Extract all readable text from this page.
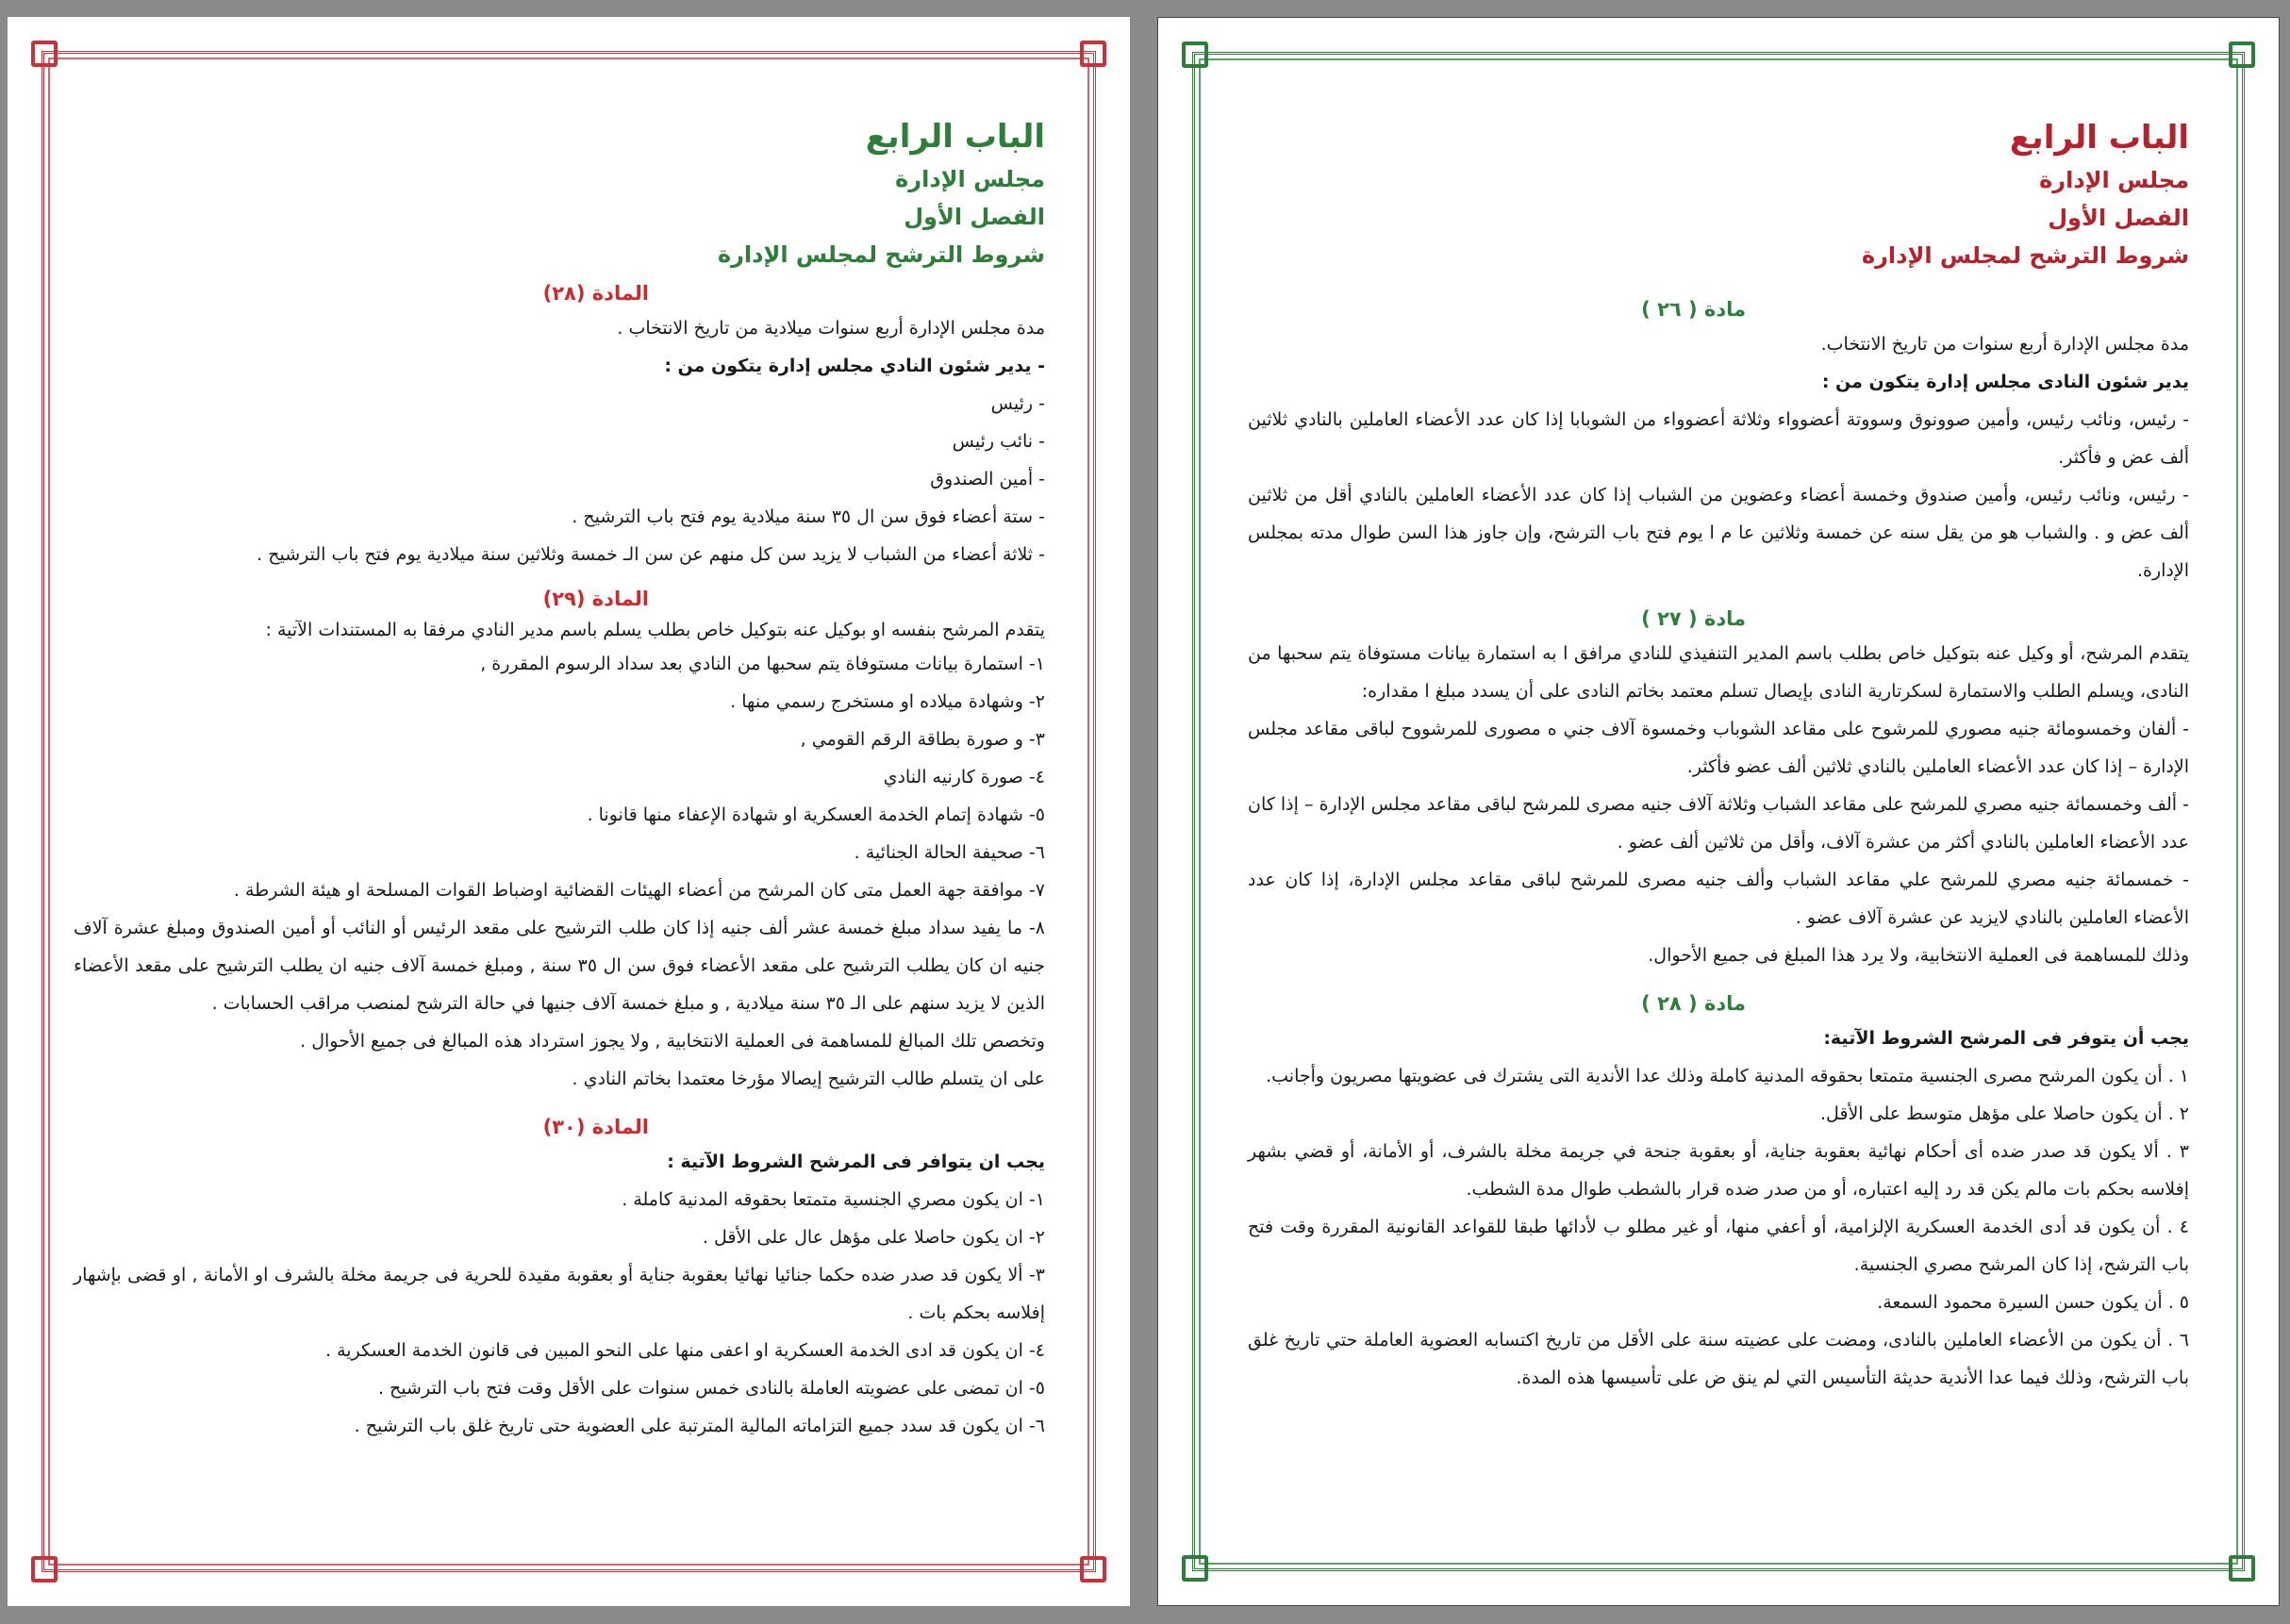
الباب الرابع
مجلس الإدارة
الفصل الأول
شروط الترشح لمجلس الإدارة
المادة (٢٨)

مدة مجلس الإدارة أربع سنوات ميلادية من تاريخ الانتخاب .

- يدير شئون النادي مجلس إدارة يتكون من :

- رئيس

- نائب رئيس

- أمين الصندوق

- ستة أعضاء فوق سن ال ٣٥ سنة ميلادية يوم فتح باب الترشيح .

- ثلاثة أعضاء من الشباب لا يزيد سن كل منهم عن سن الـ خمسة وثلاثين سنة ميلادية يوم فتح باب الترشيح .

المادة (٢٩)

يتقدم المرشح بنفسه او بوكيل عنه بتوكيل خاص بطلب يسلم باسم مدير النادي مرفقا به المستندات الآتية :

١- استمارة بيانات مستوفاة يتم سحبها من النادي بعد سداد الرسوم المقررة ,

٢- وشهادة ميلاده او مستخرج رسمي منها .

٣- و صورة بطاقة الرقم القومي ,

٤- صورة كارنيه النادي

٥- شهادة إتمام الخدمة العسكرية او شهادة الإعفاء منها قانونا .

٦- صحيفة الحالة الجنائية .

٧- موافقة جهة العمل متى كان المرشح من أعضاء الهيئات القضائية اوضباط القوات المسلحة او هيئة الشرطة .

٨- ما يفيد سداد مبلغ خمسة عشر ألف جنيه إذا كان طلب الترشيح على مقعد الرئيس أو النائب أو أمين الصندوق ومبلغ عشرة آلاف جنيه ان كان يطلب الترشيح على مقعد الأعضاء فوق سن ال ٣٥ سنة , ومبلغ خمسة آلاف جنيه ان يطلب الترشيح على مقعد الأعضاء الذين لا يزيد سنهم على الـ ٣٥ سنة ميلادية , و مبلغ خمسة آلاف جنيها في حالة الترشح لمنصب مراقب الحسابات .

وتخصص تلك المبالغ للمساهمة فى العملية الانتخابية , ولا يجوز استرداد هذه المبالغ فى جميع الأحوال .

على ان يتسلم طالب الترشيح إيصالا مؤرخا معتمدا بخاتم النادي .

المادة (٣٠)

يجب ان يتوافر فى المرشح الشروط الآتية :

١- ان يكون مصري الجنسية متمتعا بحقوقه المدنية كاملة .

٢- ان يكون حاصلا على مؤهل عال على الأقل .

٣- ألا يكون قد صدر ضده حكما جنائيا نهائيا بعقوبة جناية أو بعقوبة مقيدة للحرية فى جريمة مخلة بالشرف او الأمانة , او قضى بإشهار إفلاسه بحكم بات .

٤- ان يكون قد ادى الخدمة العسكرية او اعفى منها على النحو المبين فى قانون الخدمة العسكرية .

٥- ان تمضى على عضويته العاملة بالنادى خمس سنوات على الأقل وقت فتح باب الترشيح .

٦- ان يكون قد سدد جميع التزاماته المالية المترتبة على العضوية حتى تاريخ غلق باب الترشيح .

الباب الرابع
مجلس الإدارة
الفصل الأول
شروط الترشح لمجلس الإدارة
مادة ( ٢٦ )

مدة مجلس الإدارة أربع سنوات من تاريخ الانتخاب.

يدير شئون النادى مجلس إدارة يتكون من :

- رئيس، ونائب رئيس، وأمين صوونوق وسووتة أعضوواء وثلاثة أعضوواء من الشوبابا إذا كان عدد الأعضاء العاملين بالنادي ثلاثين ألف عض و فأكثر.

- رئيس، ونائب رئيس، وأمين صندوق وخمسة أعضاء وعضوين من الشباب إذا كان عدد الأعضاء العاملين بالنادي أقل من ثلاثين ألف عض و . والشباب هو من يقل سنه عن خمسة وثلاثين عا م ا يوم فتح باب الترشح، وإن جاوز هذا السن طوال مدته بمجلس الإدارة.

مادة ( ٢٧ )

يتقدم المرشح، أو وكيل عنه بتوكيل خاص بطلب باسم المدير التنفيذي للنادي مرافق ا به استمارة بيانات مستوفاة يتم سحبها من النادى، ويسلم الطلب والاستمارة لسكرتارية النادى بإيصال تسلم معتمد بخاتم النادى على أن يسدد مبلغ ا مقداره:

- ألفان وخمسومائة جنيه مصوري للمرشوح على مقاعد الشوباب وخمسوة آلاف جني ه مصورى للمرشووح لباقى مقاعد مجلس الإدارة – إذا كان عدد الأعضاء العاملين بالنادي ثلاثين ألف عضو فأكثر.

- ألف وخمسمائة جنيه مصري للمرشح على مقاعد الشباب وثلاثة آلاف جنيه مصرى للمرشح لباقى مقاعد مجلس الإدارة – إذا كان عدد الأعضاء العاملين بالنادي أكثر من عشرة آلاف، وأقل من ثلاثين ألف عضو .

- خمسمائة جنيه مصري للمرشح علي مقاعد الشباب وألف جنيه مصرى للمرشح لباقى مقاعد مجلس الإدارة، إذا كان عدد الأعضاء العاملين بالنادي لايزيد عن عشرة آلاف عضو .

وذلك للمساهمة فى العملية الانتخابية، ولا يرد هذا المبلغ فى جميع الأحوال.

مادة ( ٢٨ )

يجب أن يتوفر فى المرشح الشروط الآتية:

١ . أن يكون المرشح مصرى الجنسية متمتعا بحقوقه المدنية كاملة وذلك عدا الأندية التى يشترك فى عضويتها مصريون وأجانب.

٢ . أن يكون حاصلا على مؤهل متوسط على الأقل.

٣ . ألا يكون قد صدر ضده أى أحكام نهائية بعقوبة جناية، أو بعقوبة جنحة في جريمة مخلة بالشرف، أو الأمانة، أو قضي بشهر إفلاسه بحكم بات مالم يكن قد رد إليه اعتباره، أو من صدر ضده قرار بالشطب طوال مدة الشطب.

٤ . أن يكون قد أدى الخدمة العسكرية الإلزامية، أو أعفي منها، أو غير مطلو ب لأدائها طبقا للقواعد القانونية المقررة وقت فتح باب الترشح، إذا كان المرشح مصري الجنسية.

٥ . أن يكون حسن السيرة محمود السمعة.

٦ . أن يكون من الأعضاء العاملين بالنادى، ومضت على عضيته سنة على الأقل من تاريخ اكتسابه العضوية العاملة حتي تاريخ غلق باب الترشح، وذلك فيما عدا الأندية حديثة التأسيس التي لم ينق ض على تأسيسها هذه المدة.
